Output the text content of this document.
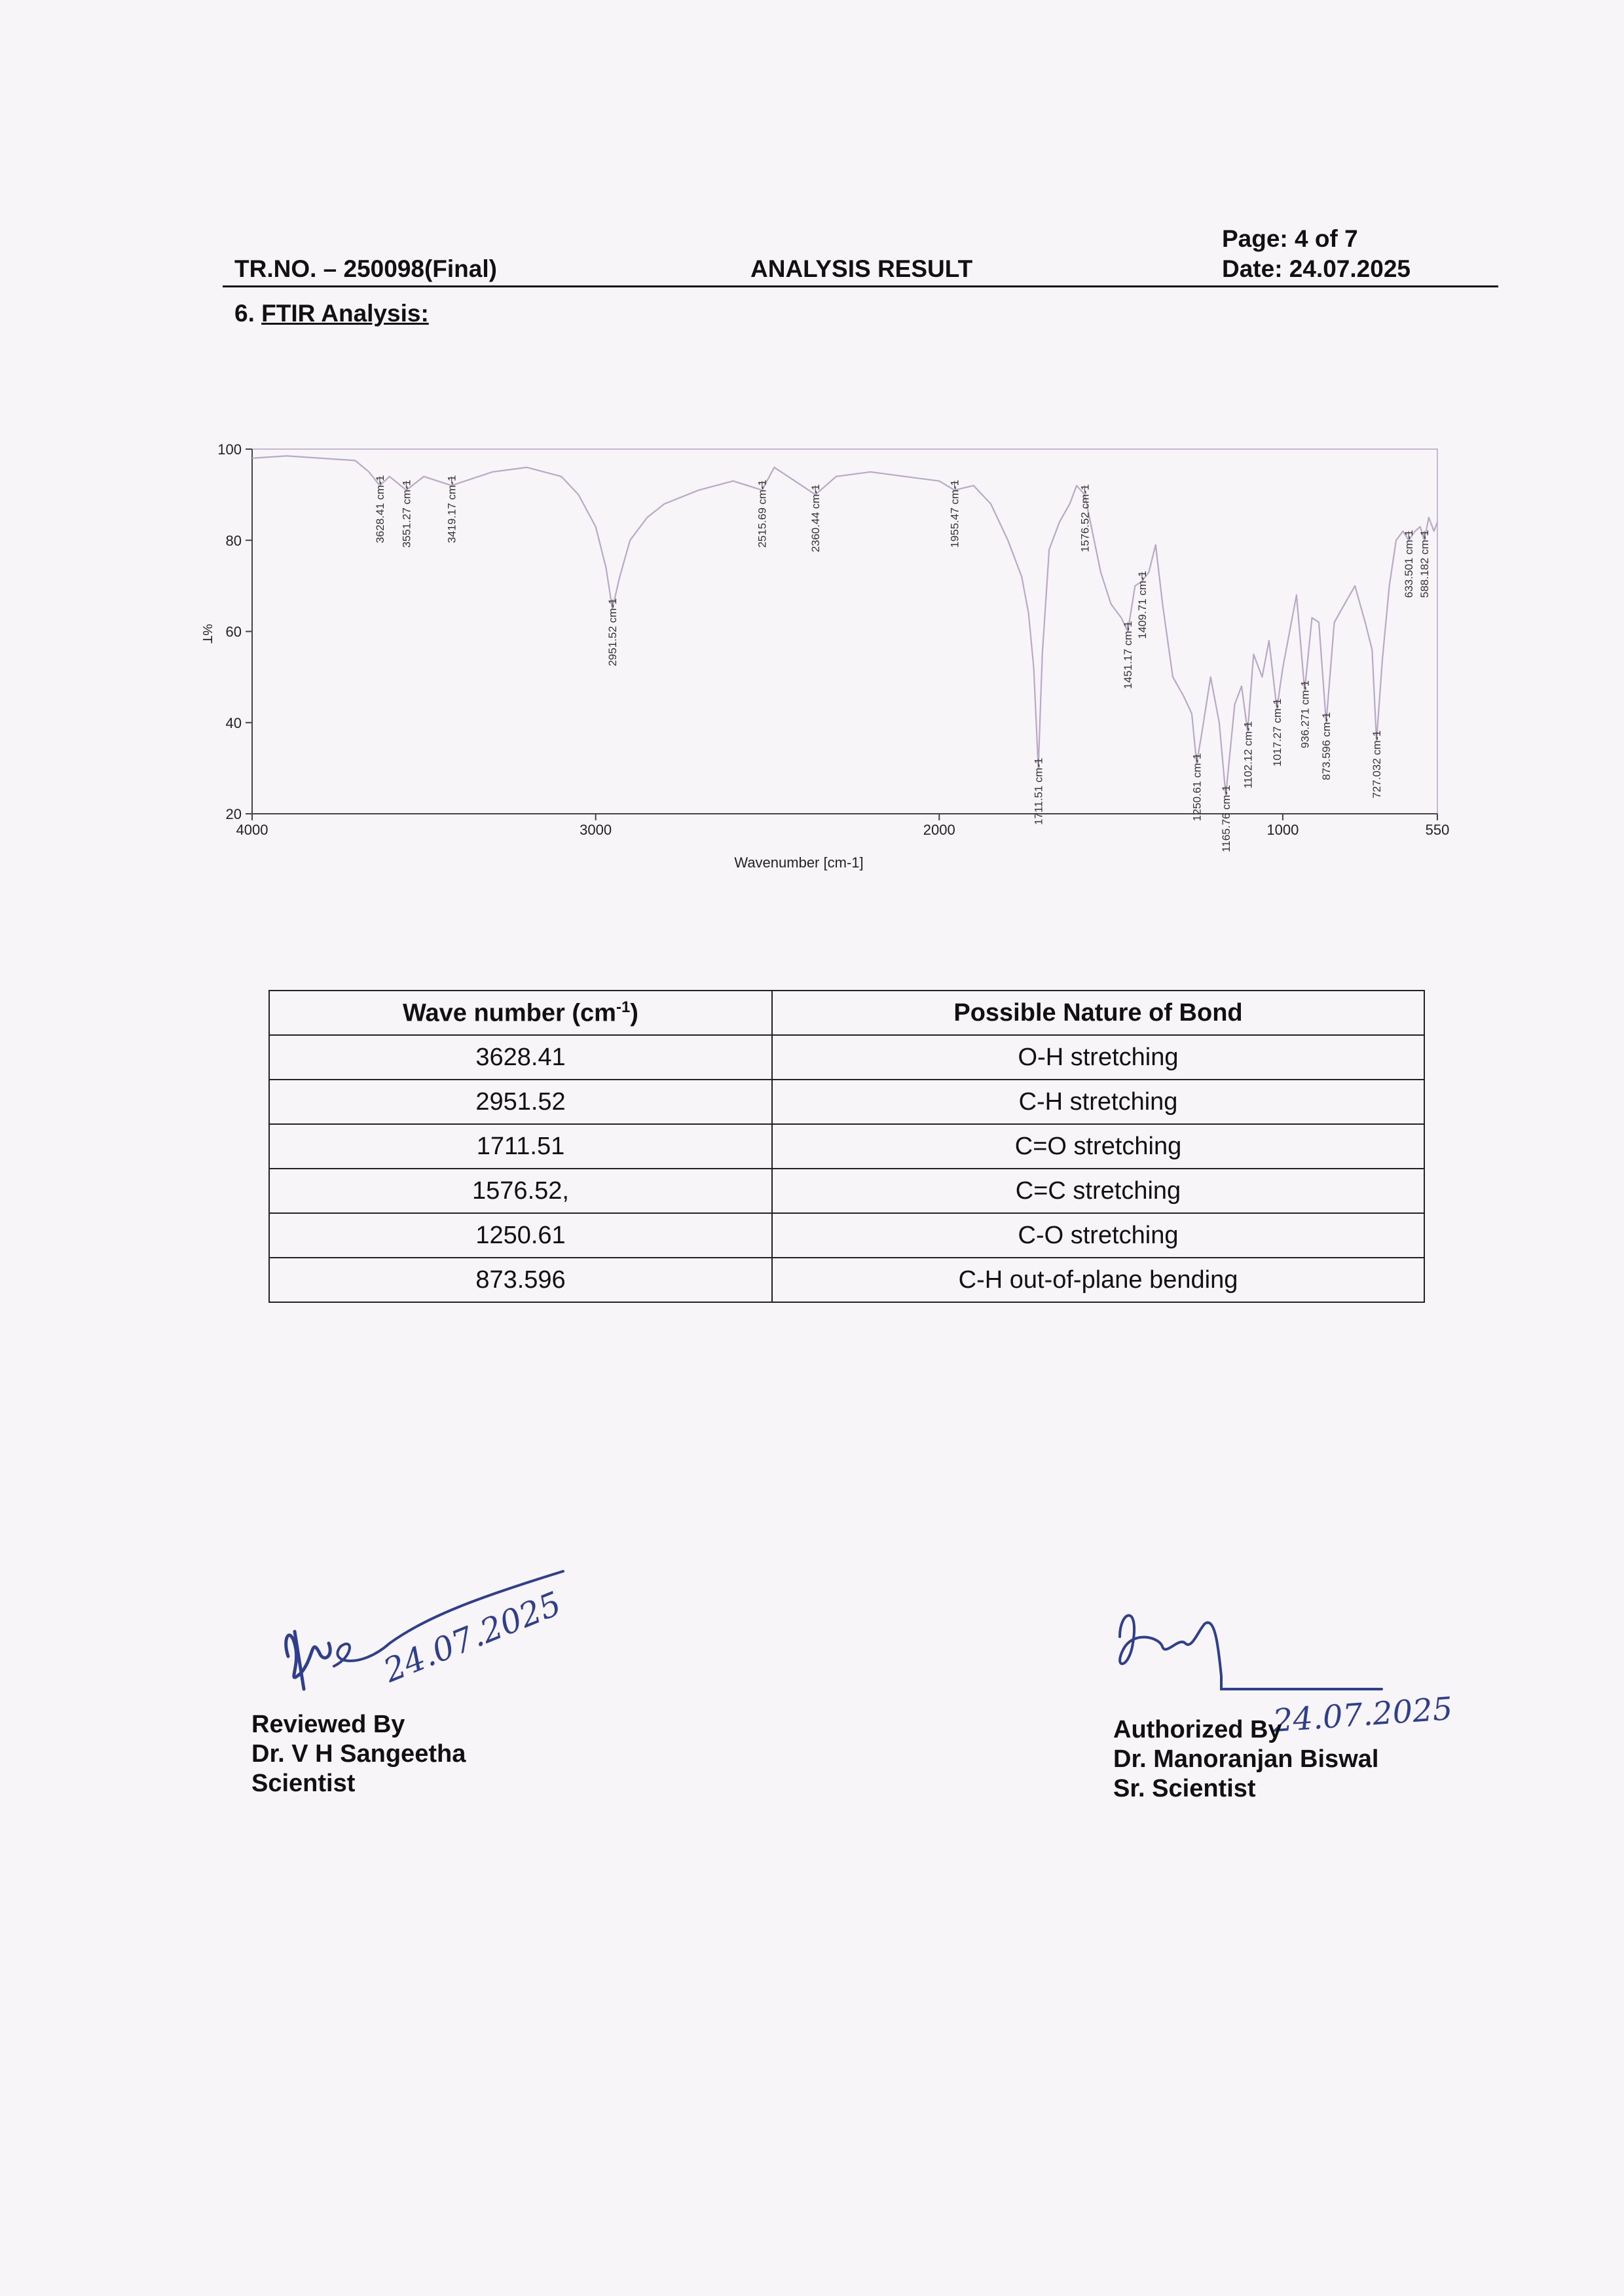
TR.NO. – 250098(Final)	ANALYSIS RESULT
Page: 4 of 7
Date: 24.07.2025
6. FTIR Analysis:
20
40
60
80
100
4000	3000	2000	1000	550
3628.41 cm-1 3551.27 cm-1	3419.17 cm-1
2951.52 cm-1
2515.69 cm-1	2360.44 cm-1	1955.47 cm-1
1711.51 cm-1
1576.52 cm-1
1451.17 cm-1
1409.71 cm-1
1250.61 cm-1 1165.76 cm-1
1102.12 cm-1 1017.27 cm-1 936.271 cm-1 873.596 cm-1	727.032 cm-1
633.501 cm-1 588.182 cm-1
Wavenumber [cm-1]
%T
Wave number $(cm^{-1})$	Possible Nature of Bond
3628.41	O-H stretching
2951.52	C-H stretching
1711.51	C=O stretching
1576.52,	C=C stretching
1250.61	C-O stretching
873.596	C-H out-of-plane bending
24.07.2025
Reviewed By
Dr. V H Sangeetha
Scientist
24.07.2025
Authorized By
Dr. Manoranjan Biswal
Sr. Scientist
